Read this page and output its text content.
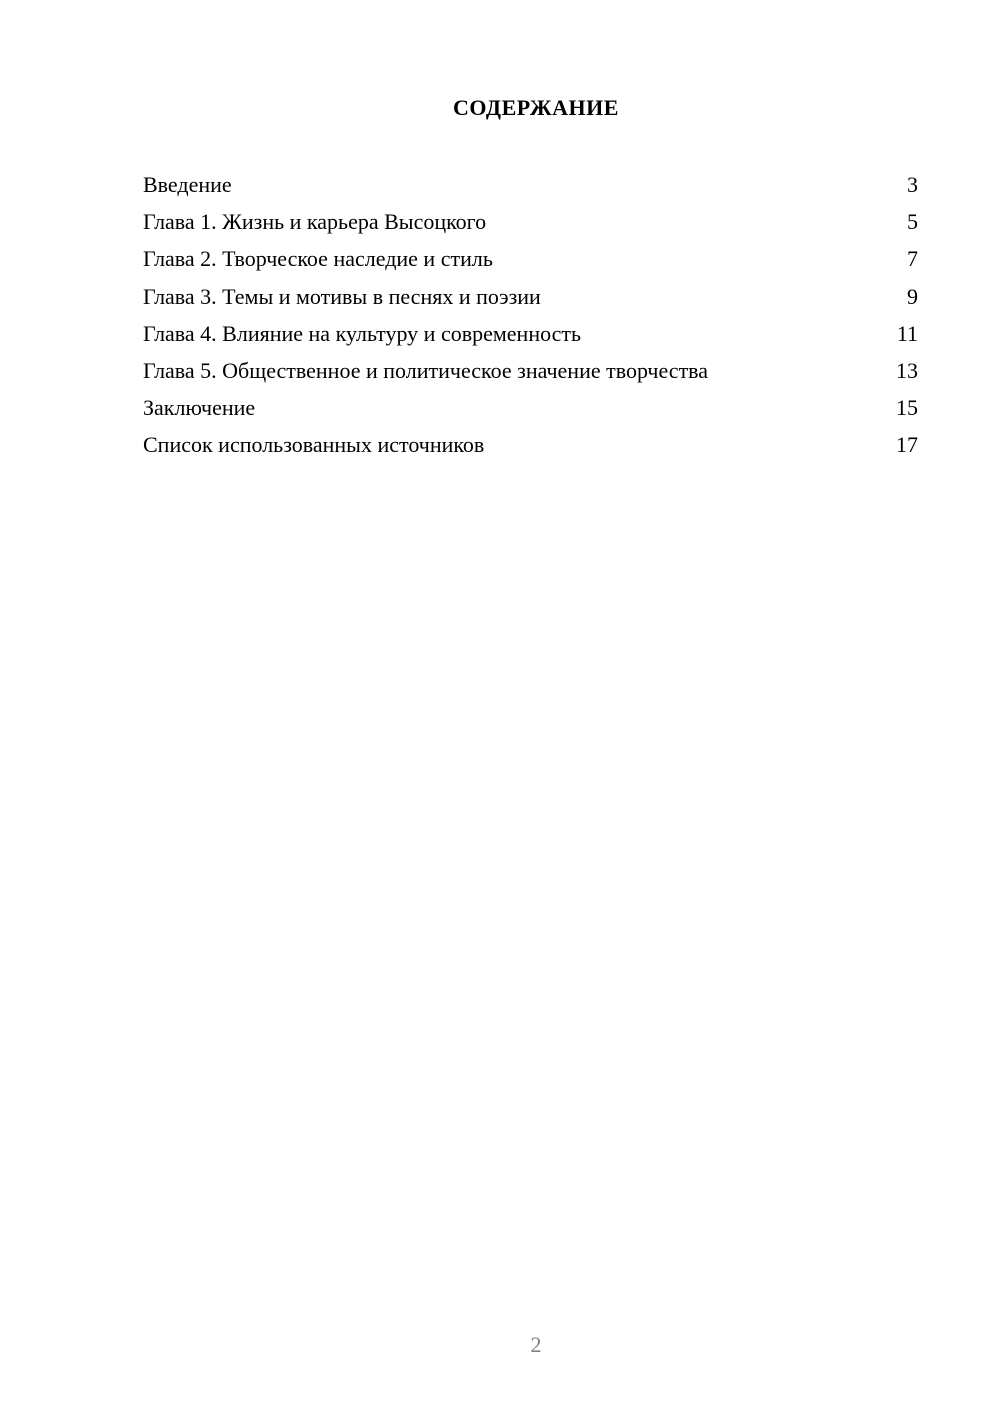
СОДЕРЖАНИЕ
Введение	3
Глава 1. Жизнь и карьера Высоцкого	5
Глава 2. Творческое наследие и стиль	7
Глава 3. Темы и мотивы в песнях и поэзии	9
Глава 4. Влияние на культуру и современность	11
Глава 5. Общественное и политическое значение творчества	13
Заключение	15
Список использованных источников	17
2
